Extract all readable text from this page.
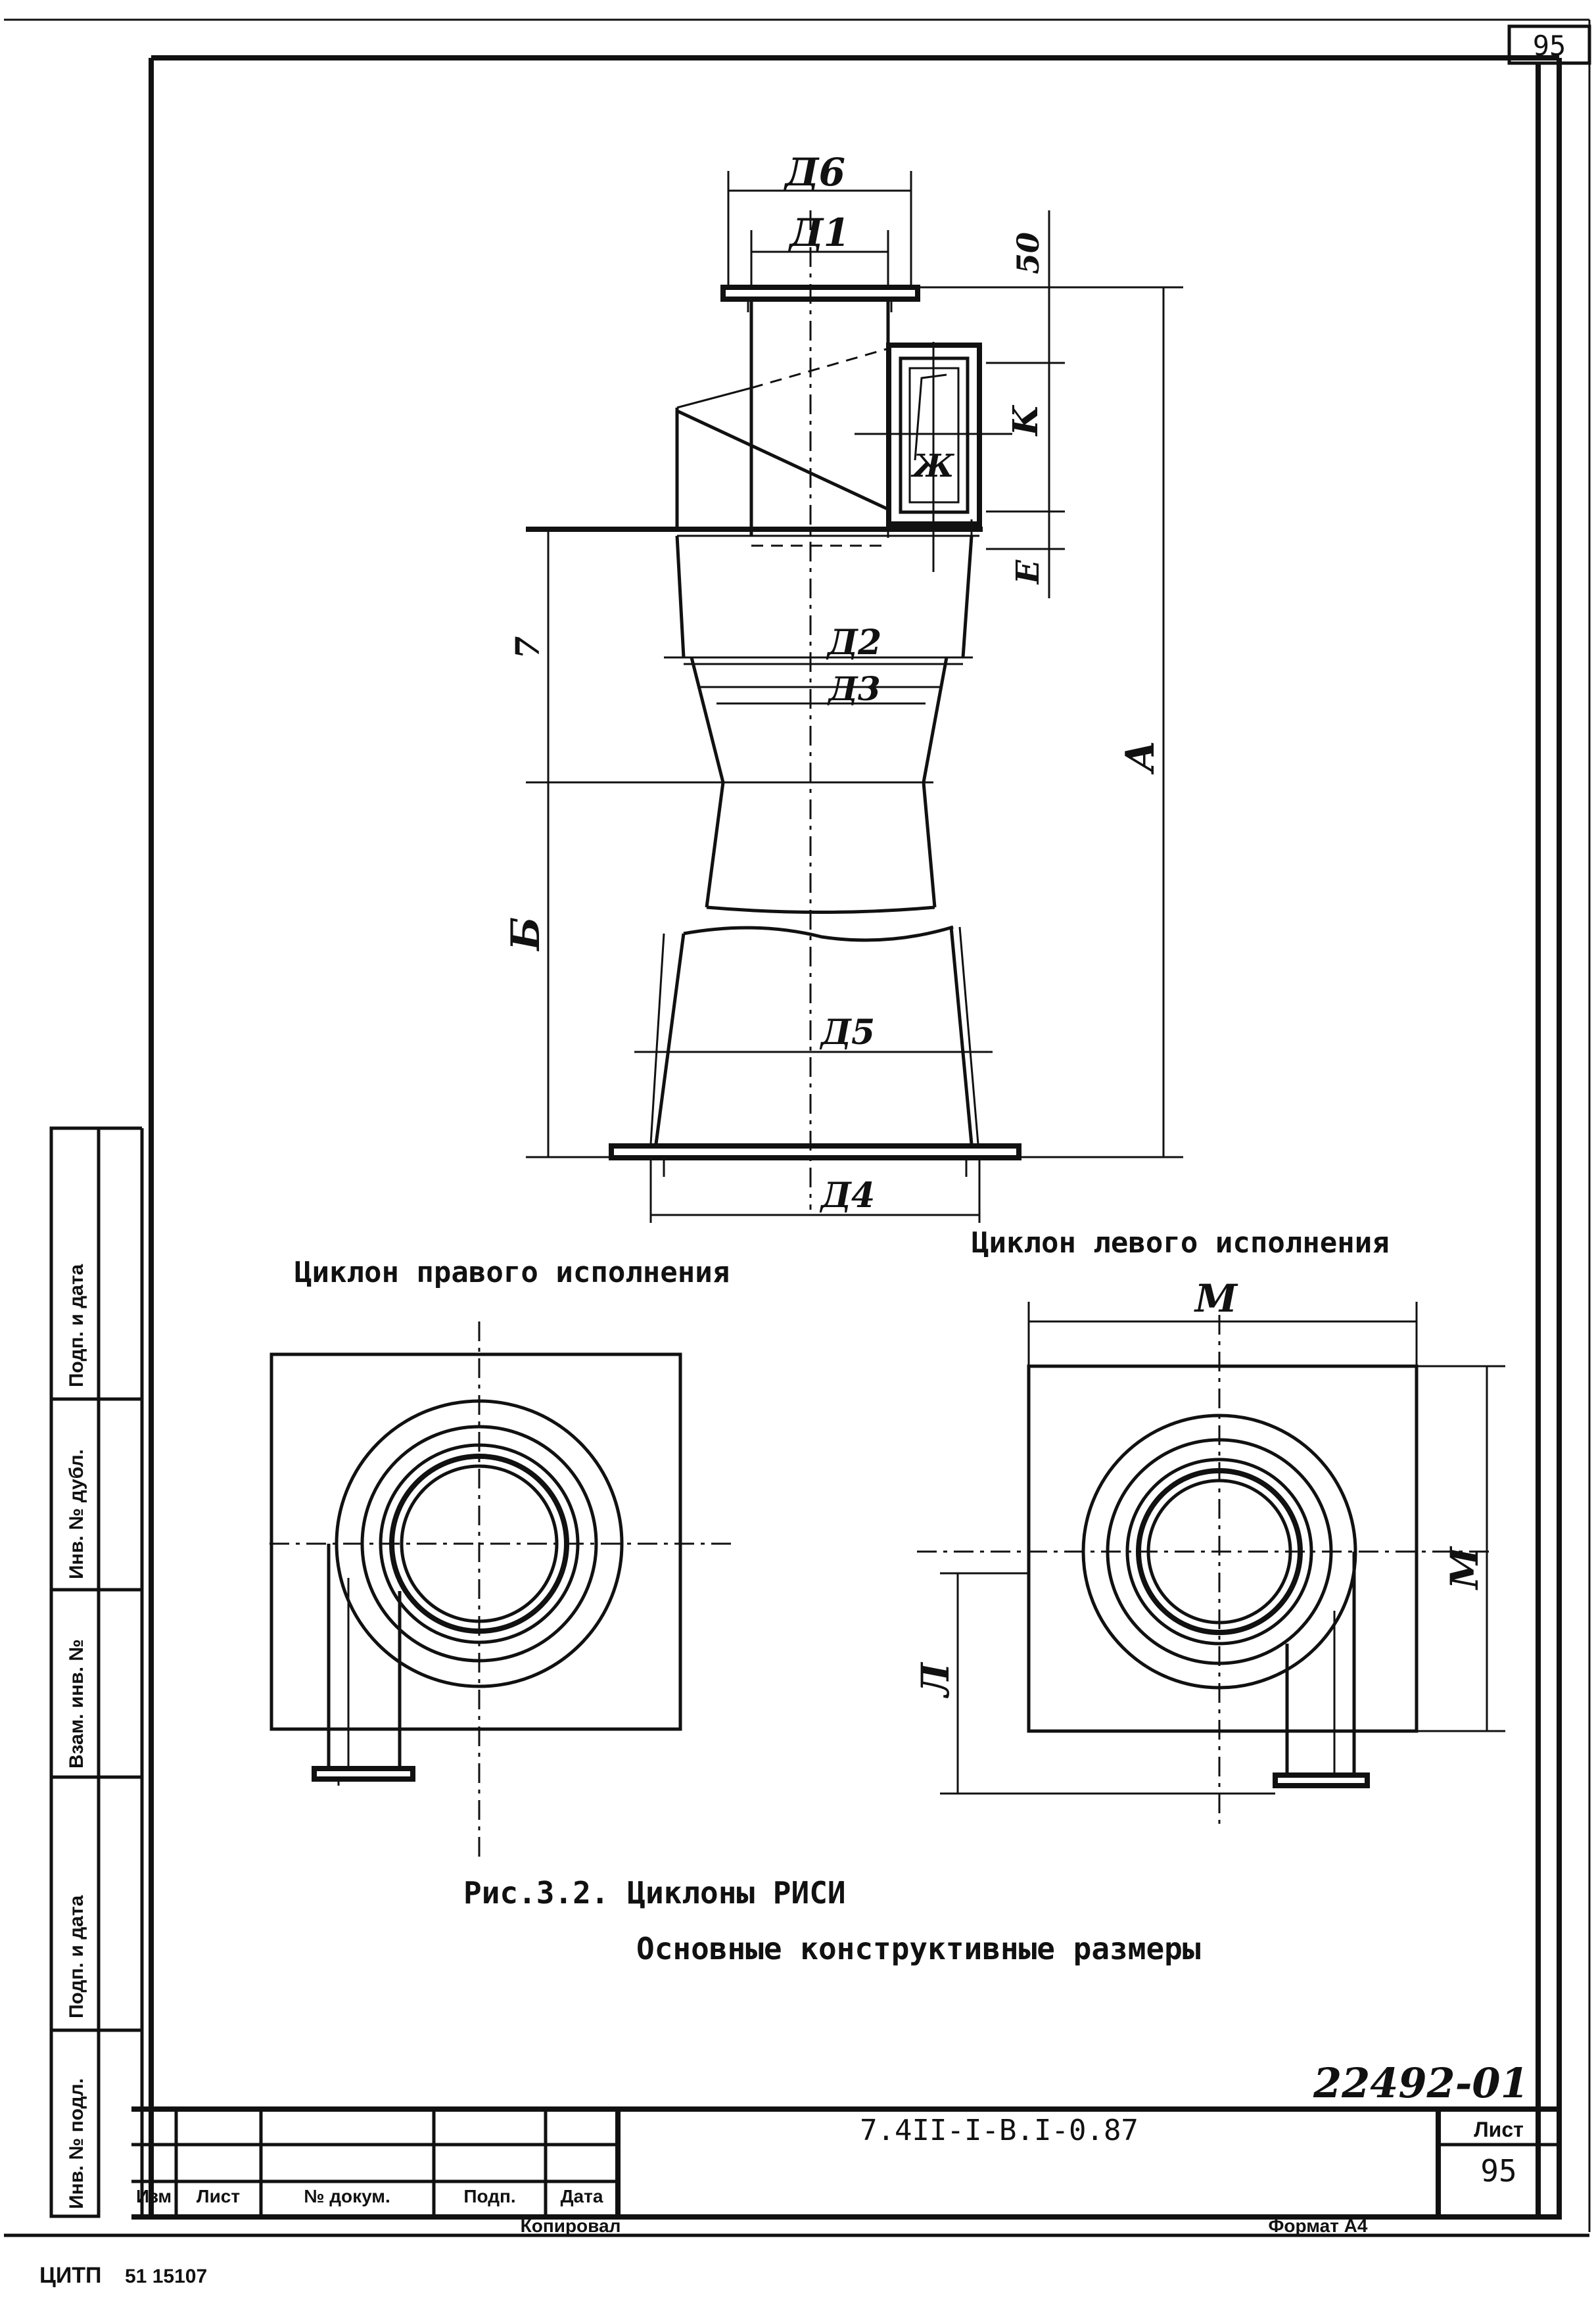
95
Подп. и дата
Инв. № дубл.
Взам. инв. №
Подп. и дата
Инв. № подл.
Д6
Д1	50
K
Ж
E
Д2
Д3
А
Б
7
Д5
Д4
Циклон правого исполнения
Циклон левого исполнения
М
М
Л
Рис.3.2. Циклоны РИСИ
Основные конструктивные размеры
22492-01
7.4II-I-В.I-0.87	Лист
95
Изм Лист	№ докум.	Подп. Дата
Копировал	Формат А4
ЦИТП 51 15107
